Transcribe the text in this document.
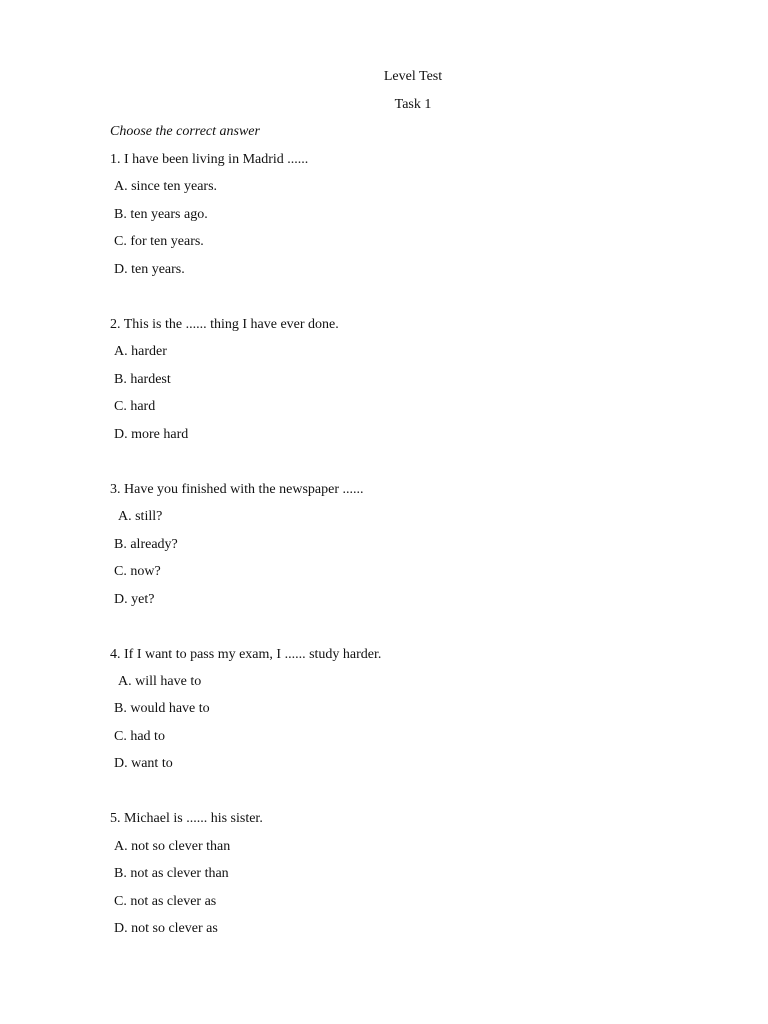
Level Test
Task 1
Choose the correct answer
1. I have been living in Madrid ......
A. since ten years.
B. ten years ago.
C. for ten years.
D. ten years.
2. This is the ...... thing I have ever done.
A. harder
B. hardest
C. hard
D. more hard
3. Have you finished with the newspaper ......
A. still?
B. already?
C. now?
D. yet?
4. If I want to pass my exam, I ...... study harder.
A. will have to
B. would have to
C. had to
D. want to
5. Michael is ...... his sister.
A. not so clever than
B. not as clever than
C. not as clever as
D. not so clever as
